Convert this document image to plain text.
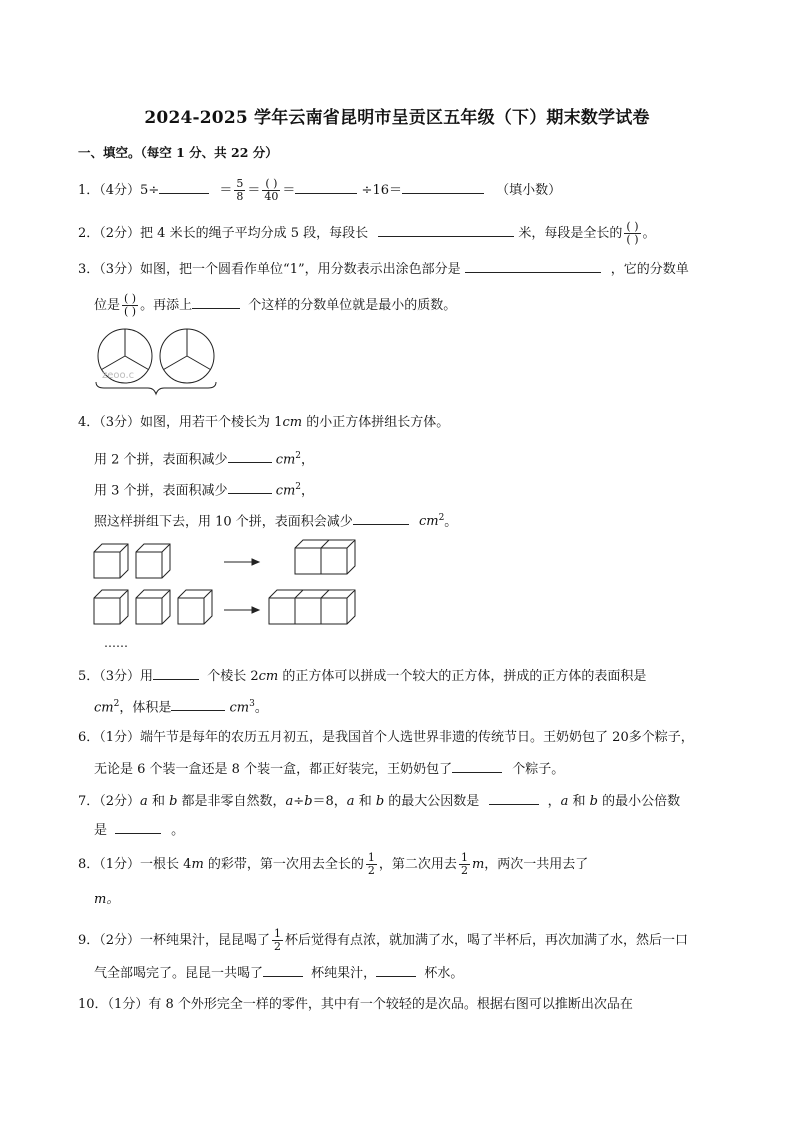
2024-2025 学年云南省昆明市呈贡区五年级（下）期末数学试卷
一、填空。（每空 1 分、共 22 分）
1．（4分）5÷	＝ $\frac{5}{8} = \frac{( )}{40}$ ＝	÷16＝	（填小数）
2．（2分）把 4 米长的绳子平均分成 5 段，每段长	米，每段是全长的 $\frac{( )}{( )}$ 。
3．（3分）如图，把一个圆看作单位“1”，用分数表示出涂色部分是	，它的分数单
位是 $\frac{( )}{( )}$ 。再添上	个这样的分数单位就是最小的质数。
zeoo.c
4．（3分）如图，用若干个棱长为 1cm 的小正方体拼组长方体。
用 2 个拼，表面积减少	$cm^2$，
用 3 个拼，表面积减少	$cm^2$，
照这样拼组下去，用 10 个拼，表面积会减少	$cm^2$。
……
5．（3分）用	个棱长 2cm 的正方体可以拼成一个较大的正方体，拼成的正方体的表面积是
$cm^2$，体积是	$cm^3$。
6．（1分）端午节是每年的农历五月初五，是我国首个人选世界非遗的传统节日。王奶奶包了 20多个粽子，
无论是 6 个装一盒还是 8 个装一盒，都正好装完，王奶奶包了	个粽子。
7．（2分）a 和 b 都是非零自然数，a÷b＝8，a 和 b 的最大公因数是	，a 和 b 的最小公倍数
是	。
8．（1分）一根长 4m 的彩带，第一次用去全长的 $\frac{1}{2}$ ，第二次用去 $\frac{1}{2}$ m，两次一共用去了
m。
9．（2分）一杯纯果汁，昆昆喝了 $\frac{1}{2}$ 杯后觉得有点浓，就加满了水，喝了半杯后，再次加满了水，然后一口
气全部喝完了。昆昆一共喝了	杯纯果汁，	杯水。
10．（1分）有 8 个外形完全一样的零件，其中有一个较轻的是次品。根据右图可以推断出次品在
